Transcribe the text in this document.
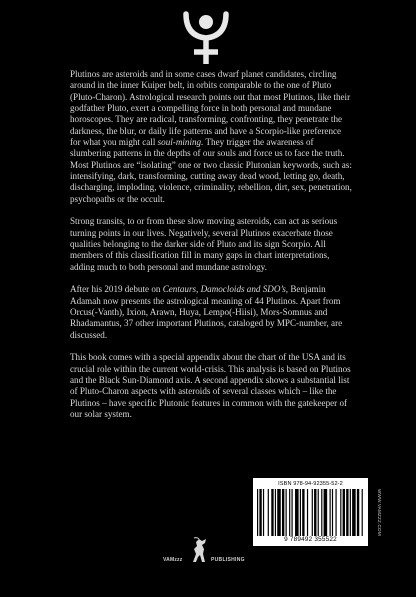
Plutinos are asteroids and in some cases dwarf planet candidates, circling around in the inner Kuiper belt, in orbits comparable to the one of Pluto (Pluto-Charon). Astrological research points out that most Plutinos, like their godfather Pluto, exert a compelling force in both personal and mundane horoscopes. They are radical, transforming, confronting, they penetrate the darkness, the blur, or daily life patterns and have a Scorpio-like preference for what you might call soul-mining. They trigger the awareness of slumbering patterns in the depths of our souls and force us to face the truth. Most Plutinos are “isolating” one or two classic Plutonian keywords, such as: intensifying, dark, transforming, cutting away dead wood, letting go, death, discharging, imploding, violence, criminality, rebellion, dirt, sex, penetration, psychopaths or the occult.

Strong transits, to or from these slow moving asteroids, can act as serious turning points in our lives. Negatively, several Plutinos exacerbate those qualities belonging to the darker side of Pluto and its sign Scorpio. All members of this classification fill in many gaps in chart interpretations, adding much to both personal and mundane astrology.

After his 2019 debute on Centaurs, Damocloids and SDO’s, Benjamin Adamah now presents the astrological meaning of 44 Plutinos. Apart from Orcus(-Vanth), Ixion, Arawn, Huya, Lempo(-Hiisi), Mors-Somnus and Rhadamantus, 37 other important Plutinos, cataloged by MPC-number, are discussed.

This book comes with a special appendix about the chart of the USA and its crucial role within the current world-crisis. This analysis is based on Plutinos and the Black Sun-Diamond axis. A second appendix shows a substantial list of Pluto-Charon aspects with asteroids of several classes which – like the Plutinos – have specific Plutonic features in common with the gatekeeper of our solar system.

ISBN 978-94-92355-52-2
9 789492 355522
WWW.VAMZZZ.COM
VAMzzz	PUBLISHING
